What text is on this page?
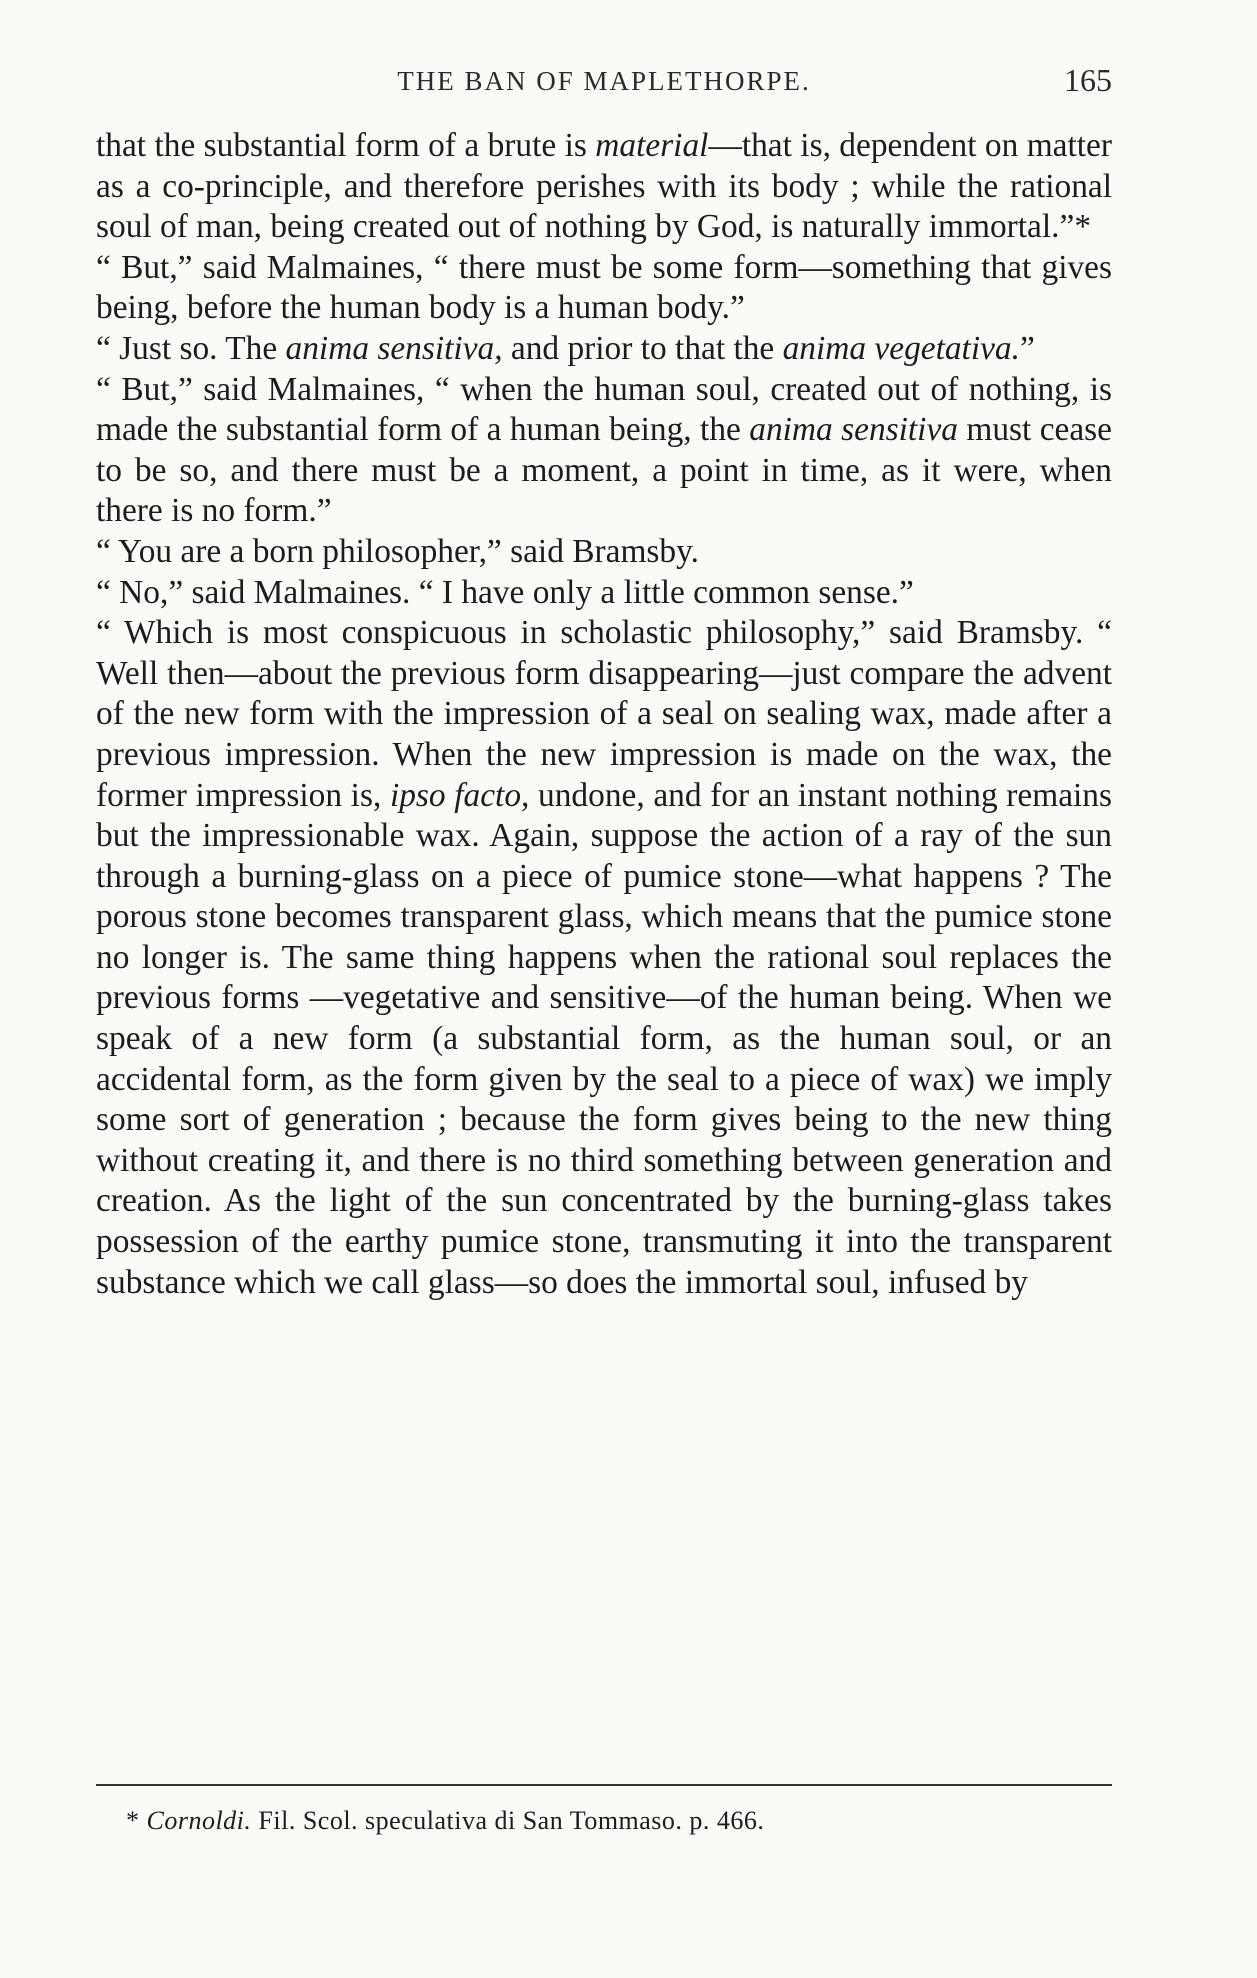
THE BAN OF MAPLETHORPE.	165

that the substantial form of a brute is material—that is, dependent on matter as a co-principle, and therefore perishes with its body ; while the rational soul of man, being created out of nothing by God, is naturally immortal.”*

“ But,” said Malmaines, “ there must be some form—something that gives being, before the human body is a human body.”

“ Just so. The anima sensitiva, and prior to that the anima vegetativa.”

“ But,” said Malmaines, “ when the human soul, created out of nothing, is made the substantial form of a human being, the anima sensitiva must cease to be so, and there must be a moment, a point in time, as it were, when there is no form.”

“ You are a born philosopher,” said Bramsby.

“ No,” said Malmaines. “ I have only a little common sense.”

“ Which is most conspicuous in scholastic philosophy,” said Bramsby. “ Well then—about the previous form disappearing—just compare the advent of the new form with the impression of a seal on sealing wax, made after a previous impression. When the new impression is made on the wax, the former impression is, ipso facto, undone, and for an instant nothing remains but the impressionable wax. Again, suppose the action of a ray of the sun through a burning-glass on a piece of pumice stone—what happens ? The porous stone becomes transparent glass, which means that the pumice stone no longer is. The same thing happens when the rational soul replaces the previous forms —vegetative and sensitive—of the human being. When we speak of a new form (a substantial form, as the human soul, or an accidental form, as the form given by the seal to a piece of wax) we imply some sort of generation ; because the form gives being to the new thing without creating it, and there is no third something between generation and creation. As the light of the sun concentrated by the burning-glass takes possession of the earthy pumice stone, transmuting it into the transparent substance which we call glass—so does the immortal soul, infused by

* Cornoldi. Fil. Scol. speculativa di San Tommaso. p. 466.
